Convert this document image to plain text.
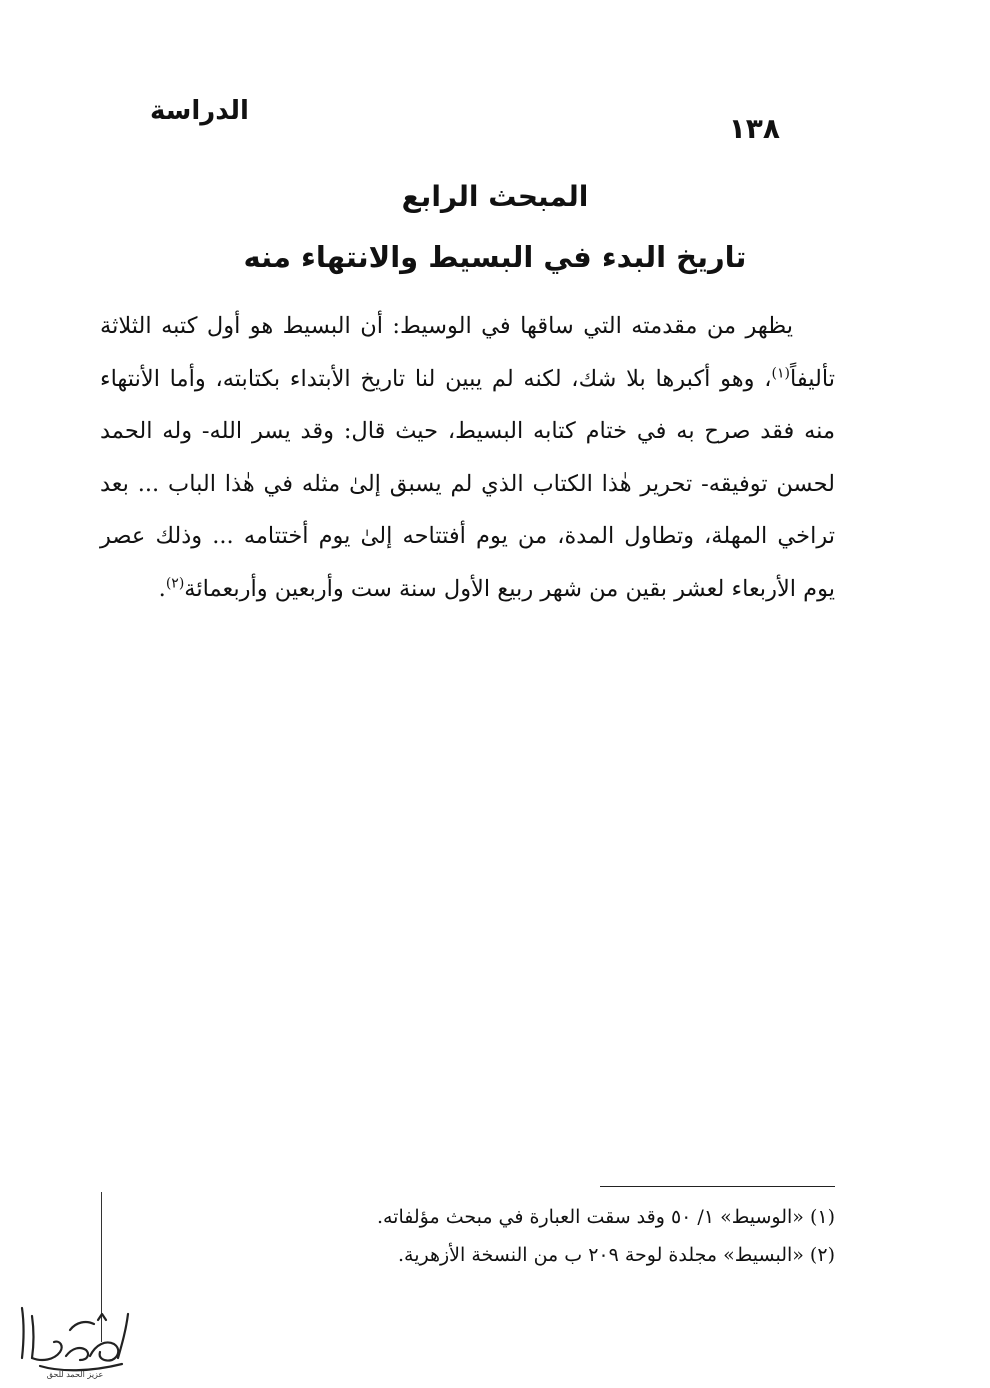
الدراسة
١٣٨
المبحث الرابع
تاريخ البدء في البسيط والانتهاء منه

يظهر من مقدمته التي ساقها في الوسيط: أن البسيط هو أول كتبه الثلاثة تأليفاً$^{(١)}$، وهو أكبرها بلا شك، لكنه لم يبين لنا تاريخ الأبتداء بكتابته، وأما الأنتهاء منه فقد صرح به في ختام كتابه البسيط، حيث قال: وقد يسر الله- وله الحمد لحسن توفيقه- تحرير هٰذا الكتاب الذي لم يسبق إلىٰ مثله في هٰذا الباب ... بعد تراخي المهلة، وتطاول المدة، من يوم أفتتاحه إلىٰ يوم أختتامه ... وذلك عصر يوم الأربعاء لعشر بقين من شهر ربيع الأول سنة ست وأربعين وأربعمائة$^{(٢)}$.

(١) «الوسيط» ١/ ٥٠ وقد سقت العبارة في مبحث مؤلفاته.
(٢) «البسيط» مجلدة لوحة ٢٠٩ ب من النسخة الأزهرية.
عزيز الحمد للحق
